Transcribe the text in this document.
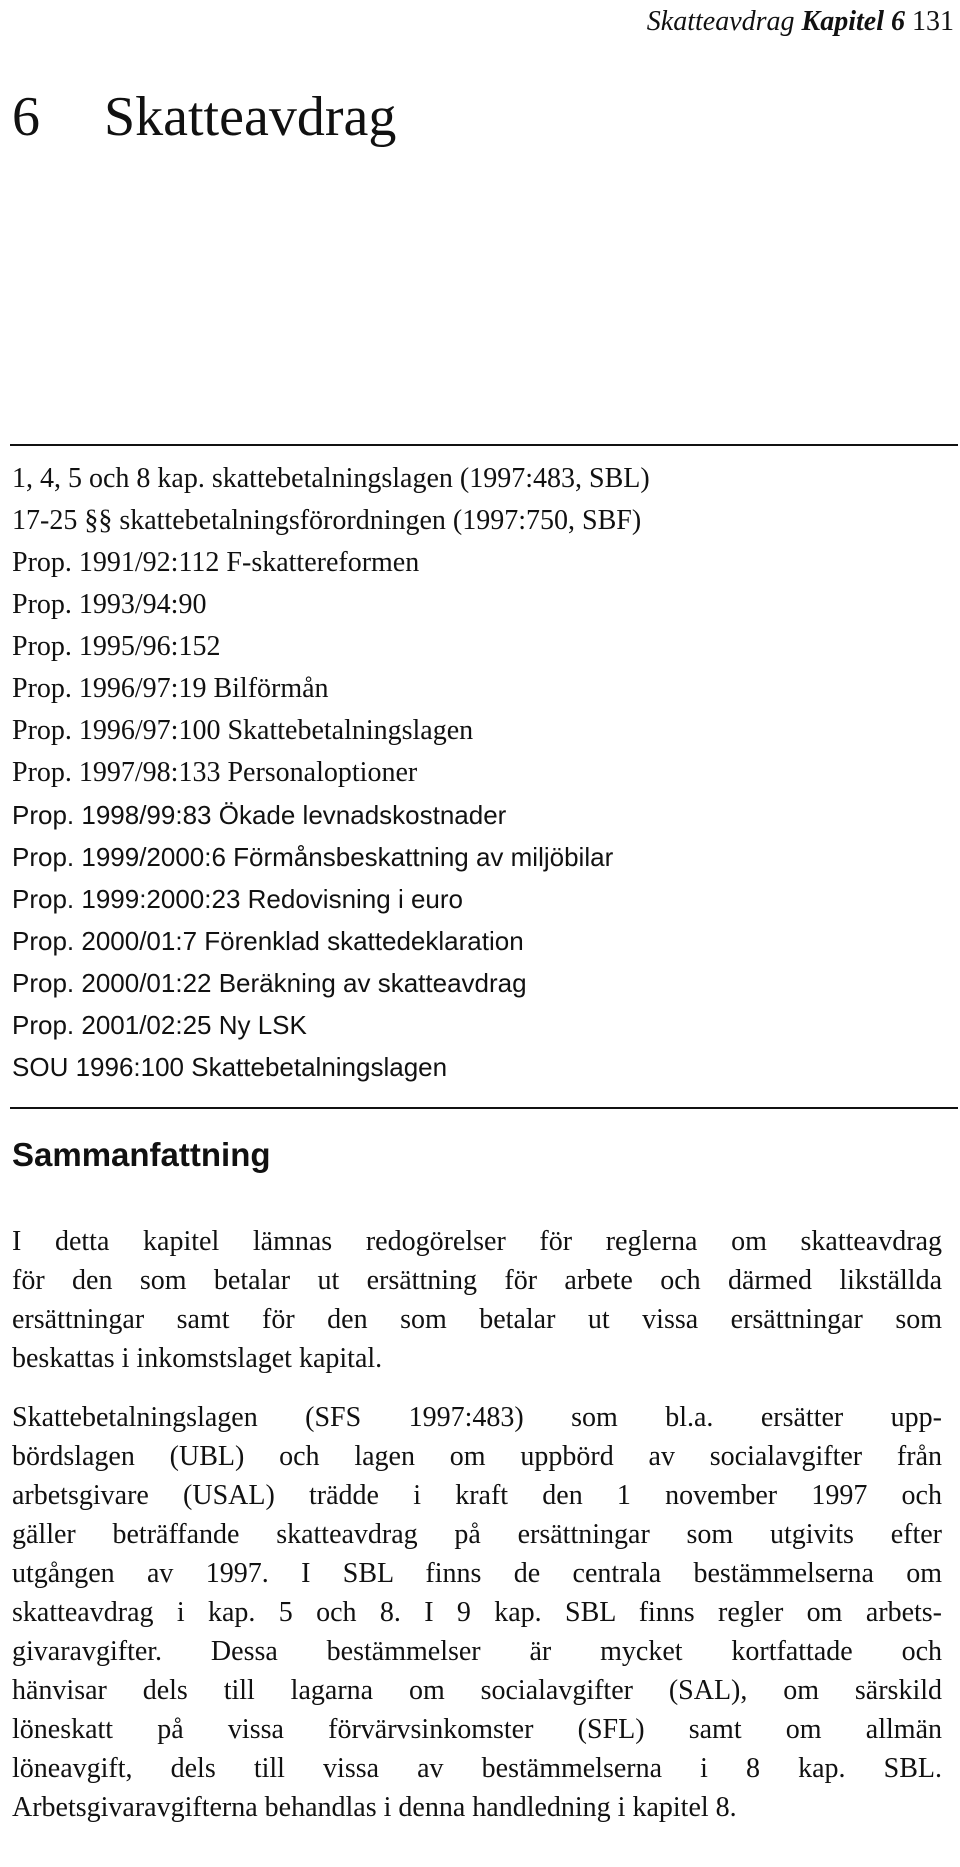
Skatteavdrag Kapitel 6 131
6 Skatteavdrag
1, 4, 5 och 8 kap. skattebetalningslagen (1997:483, SBL)
17-25 §§ skattebetalningsförordningen (1997:750, SBF)
Prop. 1991/92:112 F-skattereformen
Prop. 1993/94:90
Prop. 1995/96:152
Prop. 1996/97:19 Bilförmån
Prop. 1996/97:100 Skattebetalningslagen
Prop. 1997/98:133 Personaloptioner
Prop. 1998/99:83 Ökade levnadskostnader
Prop. 1999/2000:6 Förmånsbeskattning av miljöbilar
Prop. 1999:2000:23 Redovisning i euro
Prop. 2000/01:7 Förenklad skattedeklaration
Prop. 2000/01:22 Beräkning av skatteavdrag
Prop. 2001/02:25 Ny LSK
SOU 1996:100 Skattebetalningslagen
Sammanfattning

I detta kapitel lämnas redogörelser för reglerna om skatteavdrag
för den som betalar ut ersättning för arbete och därmed likställda
ersättningar samt för den som betalar ut vissa ersättningar som
beskattas i inkomstslaget kapital.

Skattebetalningslagen (SFS 1997:483) som bl.a. ersätter upp-
bördslagen (UBL) och lagen om uppbörd av socialavgifter från
arbetsgivare (USAL) trädde i kraft den 1 november 1997 och
gäller beträffande skatteavdrag på ersättningar som utgivits efter
utgången av 1997. I SBL finns de centrala bestämmelserna om
skatteavdrag i kap. 5 och 8. I 9 kap. SBL finns regler om arbets-
givaravgifter. Dessa bestämmelser är mycket kortfattade och
hänvisar dels till lagarna om socialavgifter (SAL), om särskild
löneskatt på vissa förvärvsinkomster (SFL) samt om allmän
löneavgift, dels till vissa av bestämmelserna i 8 kap. SBL.
Arbetsgivaravgifterna behandlas i denna handledning i kapitel 8.
